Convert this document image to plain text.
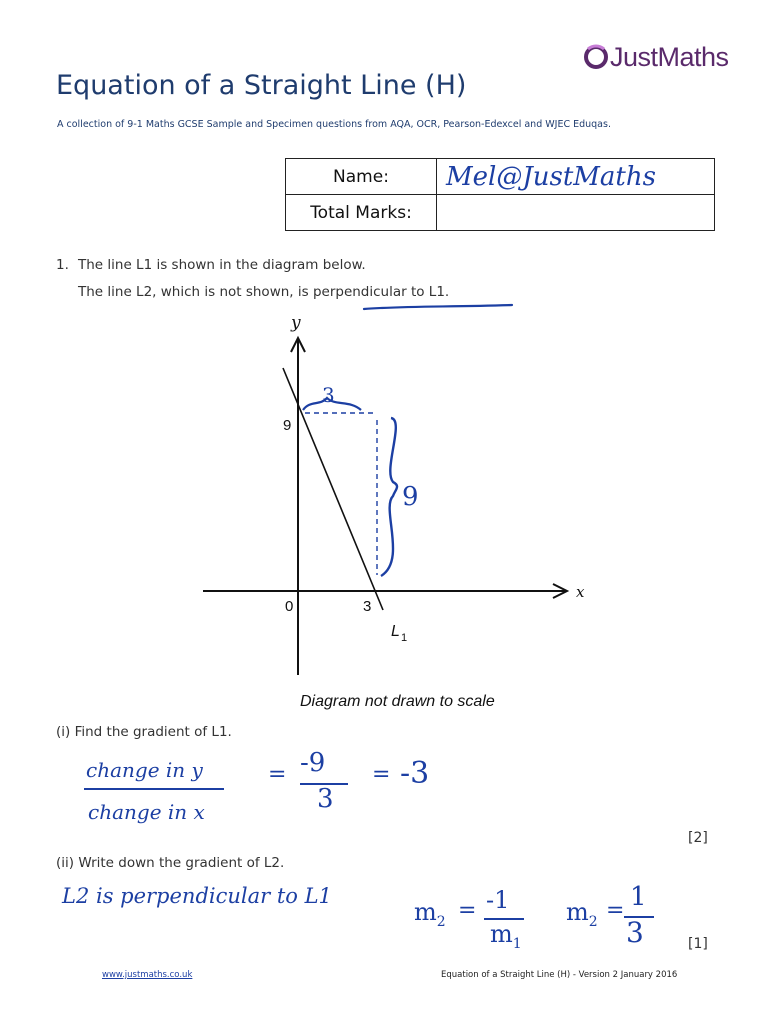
JustMaths
Equation of a Straight Line (H)
A collection of 9-1 Maths GCSE Sample and Specimen questions from AQA, OCR, Pearson-Edexcel and WJEC Eduqas.
Name:	Mel@JustMaths
Total Marks:	
1. The line L1 is shown in the diagram below.
The line L2, which is not shown, is perpendicular to L1.
y
x
9
0	3
L 1
3
9
Diagram not drawn to scale
(i) Find the gradient of L1.
change in y
change in x
= -9
3
= -3
[2]
(ii) Write down the gradient of L2.
L2 is perpendicular to L1
$m_2 = -1$
$m_1$
$m_2 = 1$
3	[1]
www.justmaths.co.uk	Equation of a Straight Line (H) - Version 2 January 2016
